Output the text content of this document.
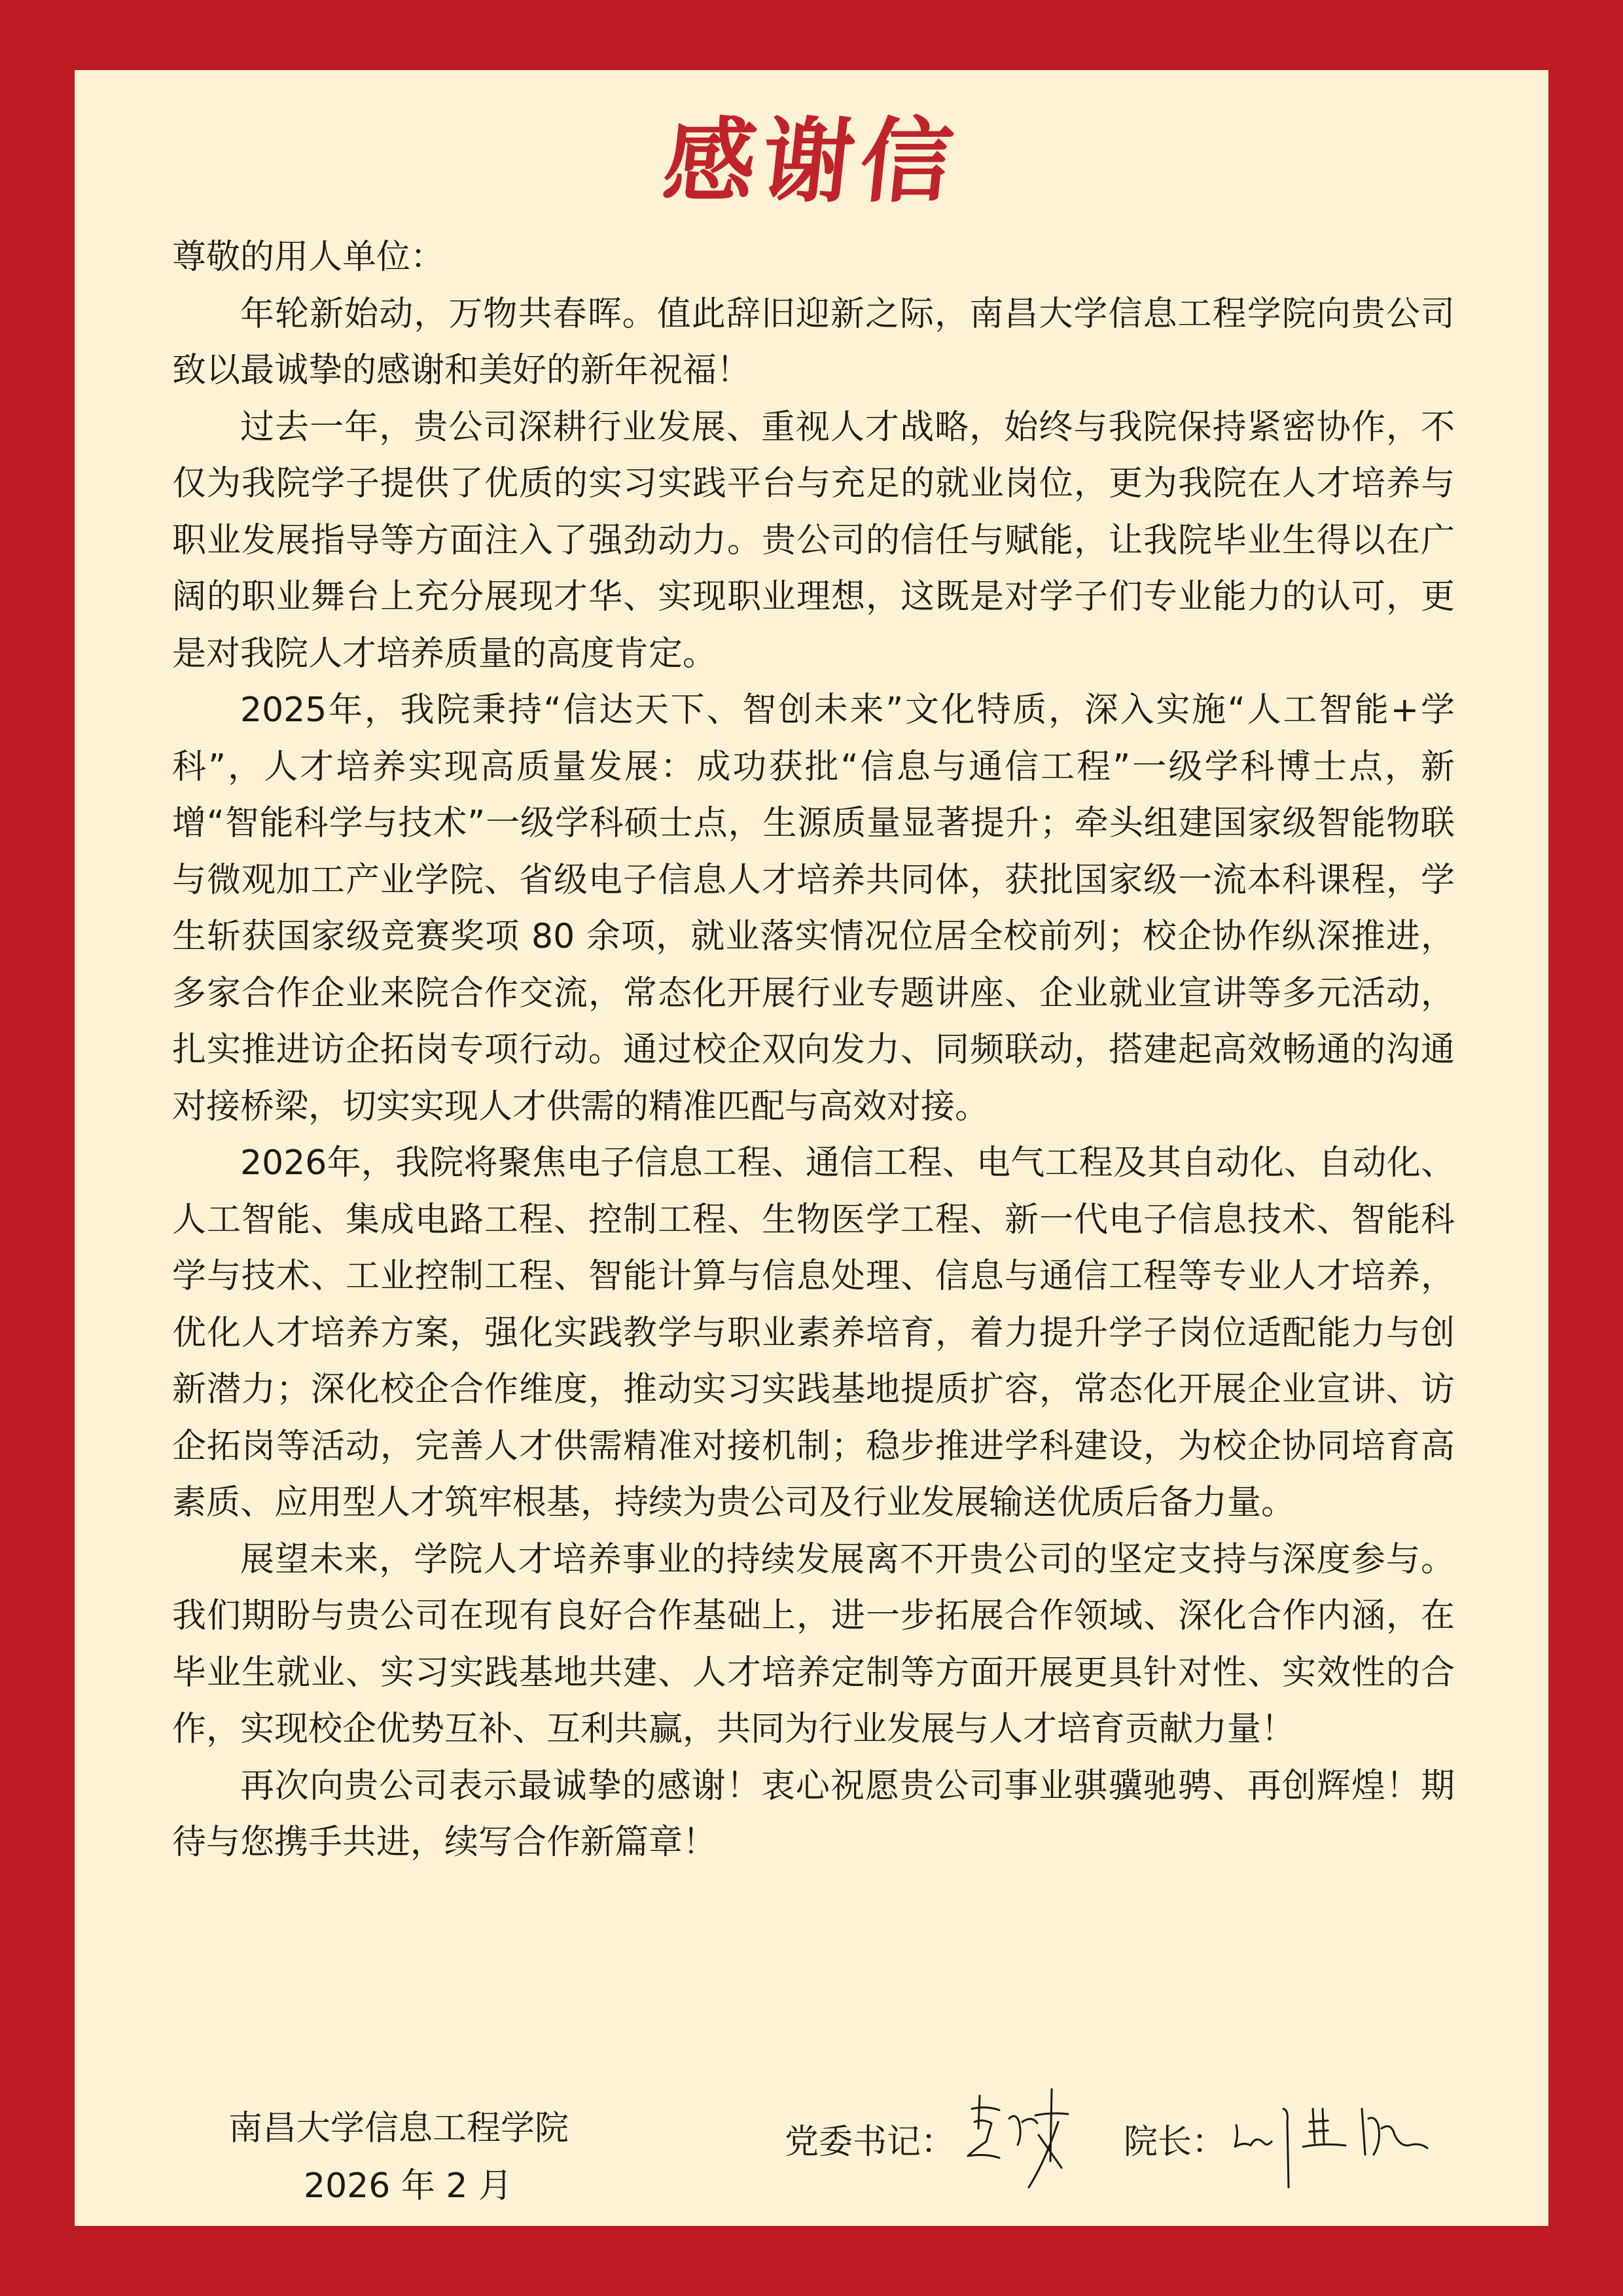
感谢信

尊敬的用人单位：

年轮新始动，万物共春晖。值此辞旧迎新之际，南昌大学信息工程学院向贵公司致以最诚挚的感谢和美好的新年祝福！

过去一年，贵公司深耕行业发展、重视人才战略，始终与我院保持紧密协作，不仅为我院学子提供了优质的实习实践平台与充足的就业岗位，更为我院在人才培养与职业发展指导等方面注入了强劲动力。贵公司的信任与赋能，让我院毕业生得以在广阔的职业舞台上充分展现才华、实现职业理想，这既是对学子们专业能力的认可，更是对我院人才培养质量的高度肯定。

2025年，我院秉持“信达天下、智创未来”文化特质，深入实施“人工智能+学科”，人才培养实现高质量发展：成功获批“信息与通信工程”一级学科博士点，新增“智能科学与技术”一级学科硕士点，生源质量显著提升；牵头组建国家级智能物联与微观加工产业学院、省级电子信息人才培养共同体，获批国家级一流本科课程，学生斩获国家级竞赛奖项 80 余项，就业落实情况位居全校前列；校企协作纵深推进，多家合作企业来院合作交流，常态化开展行业专题讲座、企业就业宣讲等多元活动，扎实推进访企拓岗专项行动。通过校企双向发力、同频联动，搭建起高效畅通的沟通对接桥梁，切实实现人才供需的精准匹配与高效对接。

2026年，我院将聚焦电子信息工程、通信工程、电气工程及其自动化、自动化、人工智能、集成电路工程、控制工程、生物医学工程、新一代电子信息技术、智能科学与技术、工业控制工程、智能计算与信息处理、信息与通信工程等专业人才培养，优化人才培养方案，强化实践教学与职业素养培育，着力提升学子岗位适配能力与创新潜力；深化校企合作维度，推动实习实践基地提质扩容，常态化开展企业宣讲、访企拓岗等活动，完善人才供需精准对接机制；稳步推进学科建设，为校企协同培育高素质、应用型人才筑牢根基，持续为贵公司及行业发展输送优质后备力量。

展望未来，学院人才培养事业的持续发展离不开贵公司的坚定支持与深度参与。我们期盼与贵公司在现有良好合作基础上，进一步拓展合作领域、深化合作内涵，在毕业生就业、实习实践基地共建、人才培养定制等方面开展更具针对性、实效性的合作，实现校企优势互补、互利共赢，共同为行业发展与人才培育贡献力量！

再次向贵公司表示最诚挚的感谢！衷心祝愿贵公司事业骐骥驰骋、再创辉煌！期待与您携手共进，续写合作新篇章！

南昌大学信息工程学院
2026 年 2 月
党委书记：	院长：
